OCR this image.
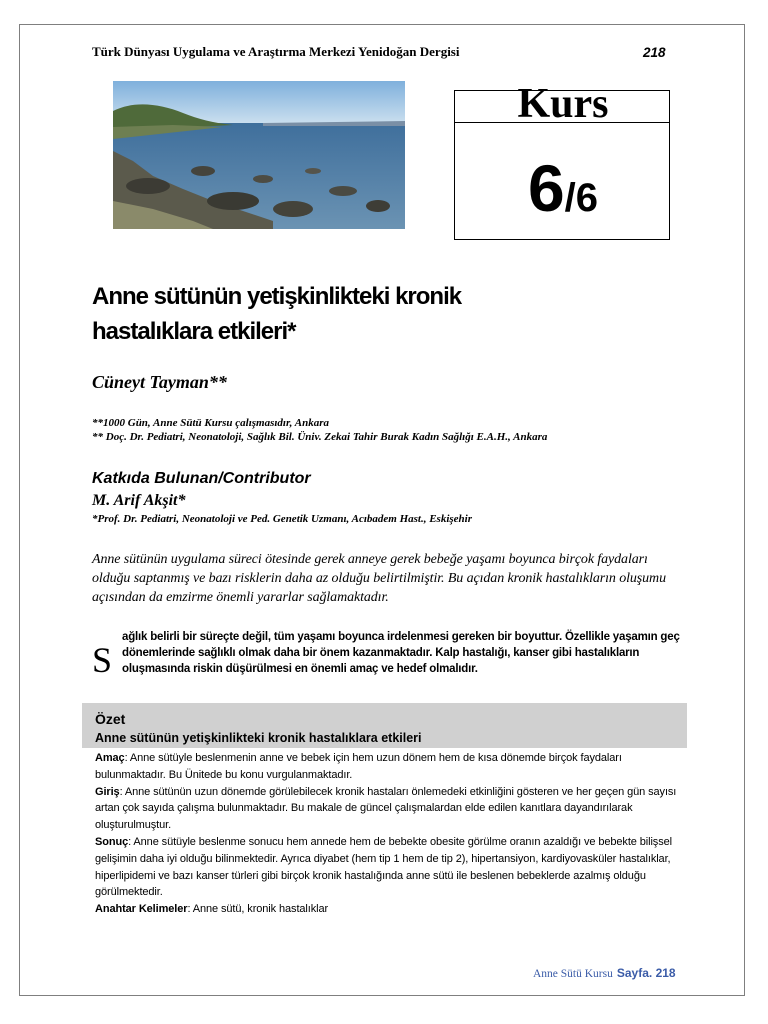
Türk Dünyası Uygulama ve Araştırma Merkezi Yenidoğan Dergisi	218
Kurs
6/6
Anne sütünün yetişkinlikteki kronik
hastalıklara etkileri*
Cüneyt Tayman**
**1000 Gün, Anne Sütü Kursu çalışmasıdır, Ankara
** Doç. Dr. Pediatri, Neonatoloji, Sağlık Bil. Üniv. Zekai Tahir Burak Kadın Sağlığı E.A.H., Ankara
Katkıda Bulunan/Contributor
M. Arif Akşit*
*Prof. Dr. Pediatri, Neonatoloji ve Ped. Genetik Uzmanı, Acıbadem Hast., Eskişehir
Anne sütünün uygulama süreci ötesinde gerek anneye gerek bebeğe yaşamı boyunca birçok faydaları olduğu saptanmış ve bazı risklerin daha az olduğu belirtilmiştir. Bu açıdan kronik hastalıkların oluşumu açısından da emzirme önemli yararlar sağlamaktadır.
S
ağlık belirli bir süreçte değil, tüm yaşamı boyunca irdelenmesi gereken bir boyuttur. Özellikle yaşamın geç dönemlerinde sağlıklı olmak daha bir önem kazanmaktadır. Kalp hastalığı, kanser gibi hastalıkların oluşmasında riskin düşürülmesi en önemli amaç ve hedef olmalıdır.
Özet
Anne sütünün yetişkinlikteki kronik hastalıklara etkileri
Amaç: Anne sütüyle beslenmenin anne ve bebek için hem uzun dönem hem de kısa dönemde birçok faydaları bulunmaktadır. Bu Ünitede bu konu vurgulanmaktadır.
Giriş: Anne sütünün uzun dönemde görülebilecek kronik hastaları önlemedeki etkinliğini gösteren ve her geçen gün sayısı artan çok sayıda çalışma bulunmaktadır. Bu makale de güncel çalışmalardan elde edilen kanıtlara dayandırılarak oluşturulmuştur.
Sonuç: Anne sütüyle beslenme sonucu hem annede hem de bebekte obesite görülme oranın azaldığı ve bebekte bilişsel gelişimin daha iyi olduğu bilinmektedir. Ayrıca diyabet (hem tip 1 hem de tip 2), hipertansiyon, kardiyovasküler hastalıklar, hiperlipidemi ve bazı kanser türleri gibi birçok kronik hastalığında anne sütü ile beslenen bebeklerde azalmış olduğu görülmektedir.
Anahtar Kelimeler: Anne sütü, kronik hastalıklar
Anne Sütü Kursu Sayfa. 218
